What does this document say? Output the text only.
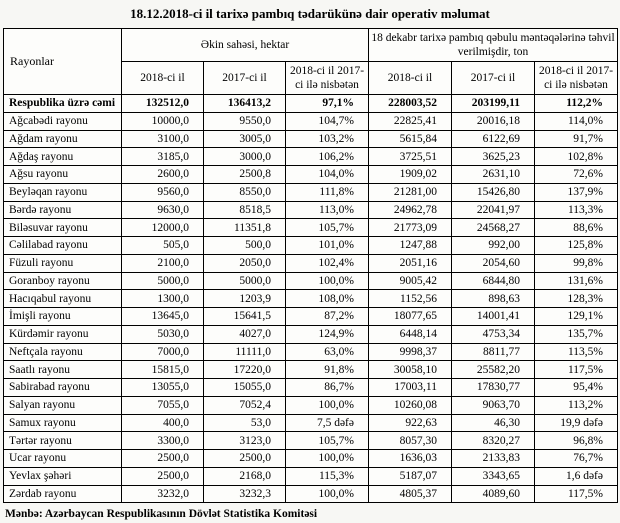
18.12.2018-ci il tarixə pambıq tədarükünə dair operativ məlumat
Rayonlar	Əkin sahəsi, hektar			18 dekabr tarixə pambıq qəbulu məntəqələrinə təhvil verilmişdir, ton		
	2018-ci il	2017-ci il	2018-ci il 2017-ci ilə nisbətən	2018-ci il	2017-ci il	2018-ci il 2017-ci ilə nisbətən
Respublika üzrə cəmi	132512,0	136413,2	97,1%	228003,52	203199,11	112,2%
Ağcabədi rayonu	10000,0	9550,0	104,7%	22825,41	20016,18	114,0%
Ağdam rayonu	3100,0	3005,0	103,2%	5615,84	6122,69	91,7%
Ağdaş rayonu	3185,0	3000,0	106,2%	3725,51	3625,23	102,8%
Ağsu rayonu	2600,0	2500,8	104,0%	1909,02	2631,10	72,6%
Beyləqan rayonu	9560,0	8550,0	111,8%	21281,00	15426,80	137,9%
Bərdə rayonu	9630,0	8518,5	113,0%	24962,78	22041,97	113,3%
Biləsuvar rayonu	12000,0	11351,8	105,7%	21773,09	24568,27	88,6%
Cəlilabad rayonu	505,0	500,0	101,0%	1247,88	992,00	125,8%
Füzuli rayonu	2100,0	2050,0	102,4%	2051,16	2054,60	99,8%
Goranboy rayonu	5000,0	5000,0	100,0%	9005,42	6844,80	131,6%
Hacıqabul rayonu	1300,0	1203,9	108,0%	1152,56	898,63	128,3%
İmişli rayonu	13645,0	15641,5	87,2%	18077,65	14001,41	129,1%
Kürdəmir rayonu	5030,0	4027,0	124,9%	6448,14	4753,34	135,7%
Neftçala rayonu	7000,0	11111,0	63,0%	9998,37	8811,77	113,5%
Saatlı rayonu	15815,0	17220,0	91,8%	30058,10	25582,20	117,5%
Sabirabad rayonu	13055,0	15055,0	86,7%	17003,11	17830,77	95,4%
Salyan rayonu	7055,0	7052,4	100,0%	10260,08	9063,70	113,2%
Samux rayonu	400,0	53,0	7,5 dəfə	922,63	46,30	19,9 dəfə
Tərtər rayonu	3300,0	3123,0	105,7%	8057,30	8320,27	96,8%
Ucar rayonu	2500,0	2500,0	100,0%	1636,03	2133,83	76,7%
Yevlax şəhəri	2500,0	2168,0	115,3%	5187,07	3343,65	1,6 dəfə
Zərdab rayonu	3232,0	3232,3	100,0%	4805,37	4089,60	117,5%
Mənbə: Azərbaycan Respublikasının Dövlət Statistika Komitəsi
